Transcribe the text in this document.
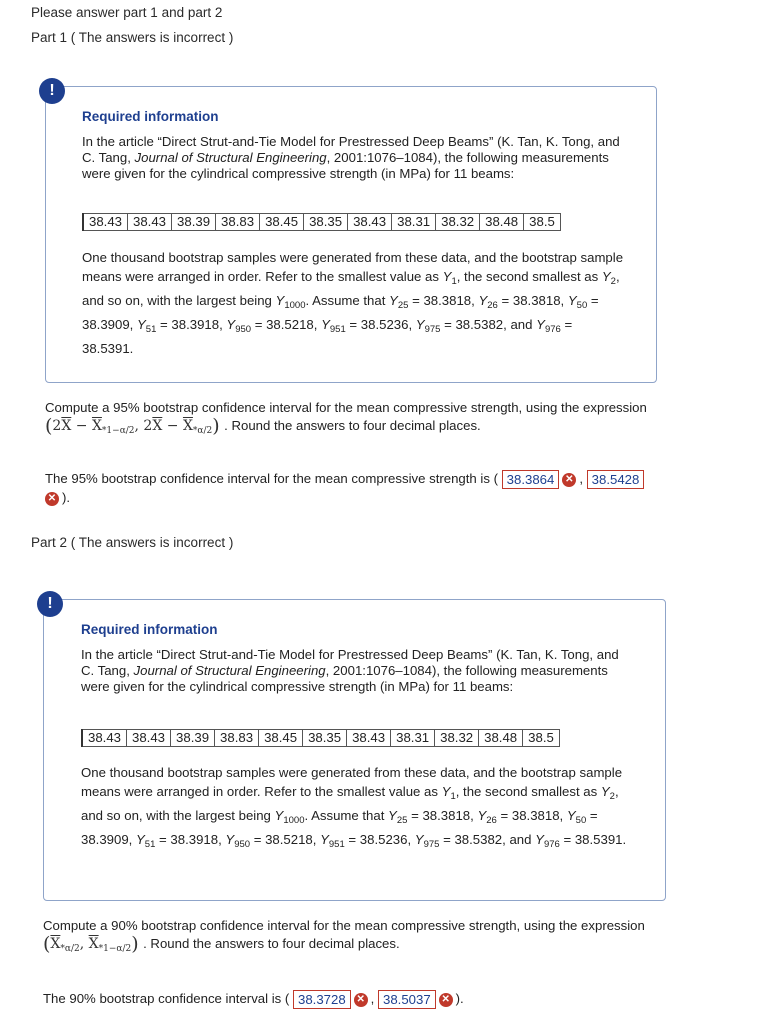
Please answer part 1 and part 2
Part 1 ( The answers is incorrect )
!
Required information
In the article “Direct Strut-and-Tie Model for Prestressed Deep Beams” (K. Tan, K. Tong, and C. Tang, Journal of Structural Engineering, 2001:1076–1084), the following measurements were given for the cylindrical compressive strength (in MPa) for 11 beams:
38.43	38.43	38.39	38.83	38.45	38.35	38.43	38.31	38.32	38.48	38.5
One thousand bootstrap samples were generated from these data, and the bootstrap sample means were arranged in order. Refer to the smallest value as $Y_1$, the second smallest as $Y_2$, and so on, with the largest being $Y_{1000}$. Assume that $Y_{25} = 38.3818$, $Y_{26} = 38.3818$, $Y_{50} = 38.3909$, $Y_{51} = 38.3918$, $Y_{950} = 38.5218$, $Y_{951} = 38.5236$, $Y_{975} = 38.5382$, and $Y_{976} = 38.5391$.
Compute a 95% bootstrap confidence interval for the mean compressive strength, using the expression
($2\overline{X} - \overline{X}_{*1-\alpha/2}$, $2\overline{X} - \overline{X}_{*\alpha/2}$) . Round the answers to four decimal places.
The 95% bootstrap confidence interval for the mean compressive strength is ( 38.3864 ✕ , 38.5428
✕ ).
Part 2 ( The answers is incorrect )
!
Required information
In the article “Direct Strut-and-Tie Model for Prestressed Deep Beams” (K. Tan, K. Tong, and C. Tang, Journal of Structural Engineering, 2001:1076–1084), the following measurements were given for the cylindrical compressive strength (in MPa) for 11 beams:
38.43	38.43	38.39	38.83	38.45	38.35	38.43	38.31	38.32	38.48	38.5
One thousand bootstrap samples were generated from these data, and the bootstrap sample means were arranged in order. Refer to the smallest value as $Y_1$, the second smallest as $Y_2$, and so on, with the largest being $Y_{1000}$. Assume that $Y_{25} = 38.3818$, $Y_{26} = 38.3818$, $Y_{50} = 38.3909$, $Y_{51} = 38.3918$, $Y_{950} = 38.5218$, $Y_{951} = 38.5236$, $Y_{975} = 38.5382$, and $Y_{976} = 38.5391$.
Compute a 90% bootstrap confidence interval for the mean compressive strength, using the expression
($\overline{X}_{*\alpha/2}$, $\overline{X}_{*1-\alpha/2}$) . Round the answers to four decimal places.
The 90% bootstrap confidence interval is ( 38.3728 ✕ , 38.5037 ✕ ).
